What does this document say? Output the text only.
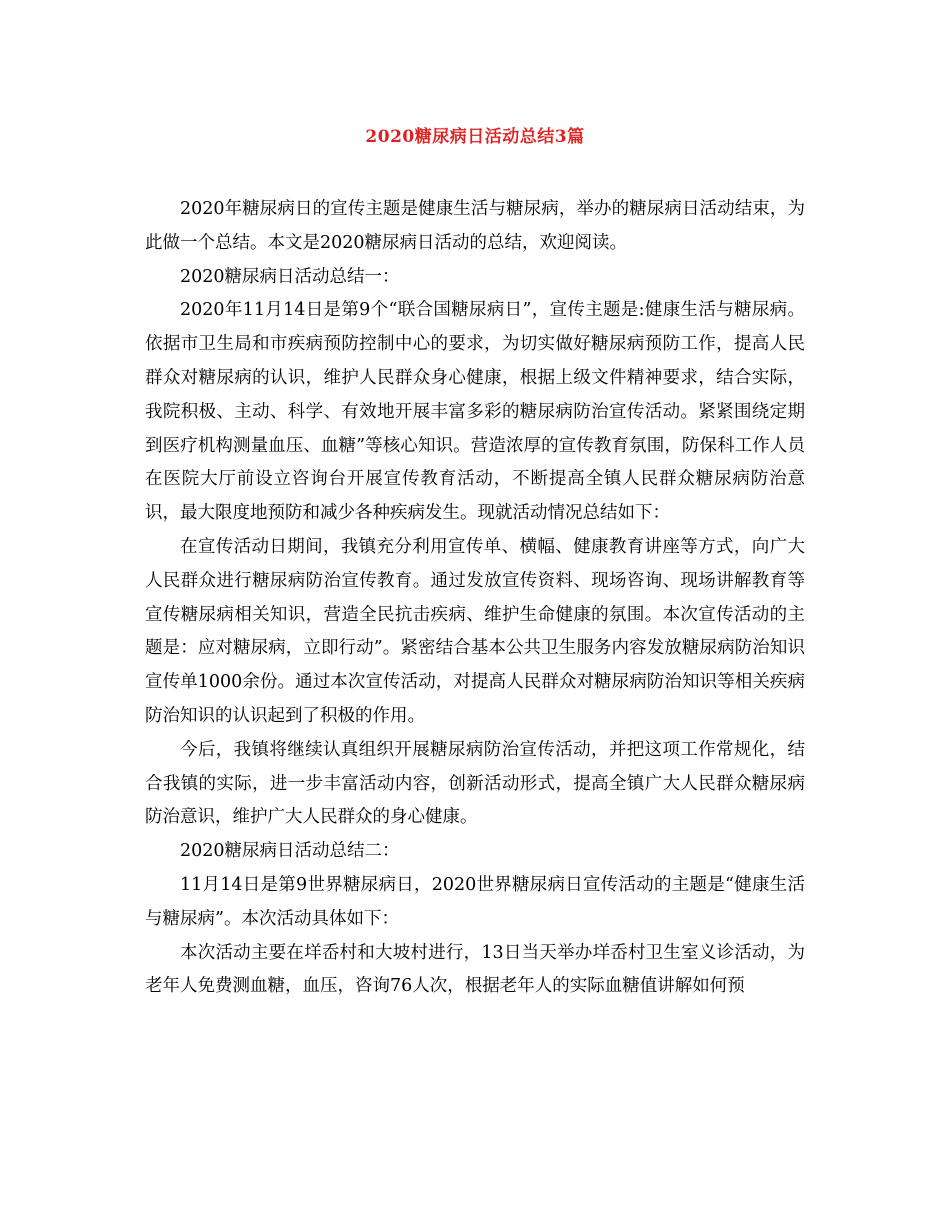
2020糖尿病日活动总结3篇

2020年糖尿病日的宣传主题是健康生活与糖尿病，举办的糖尿病日活动结束，为此做一个总结。本文是2020糖尿病日活动的总结，欢迎阅读。

2020糖尿病日活动总结一：

2020年11月14日是第9个“联合国糖尿病日”，宣传主题是:健康生活与糖尿病。依据市卫生局和市疾病预防控制中心的要求，为切实做好糖尿病预防工作，提高人民群众对糖尿病的认识，维护人民群众身心健康，根据上级文件精神要求，结合实际，我院积极、主动、科学、有效地开展丰富多彩的糖尿病防治宣传活动。紧紧围绕定期到医疗机构测量血压、血糖”等核心知识。营造浓厚的宣传教育氛围，防保科工作人员在医院大厅前设立咨询台开展宣传教育活动，不断提高全镇人民群众糖尿病防治意识，最大限度地预防和减少各种疾病发生。现就活动情况总结如下：

在宣传活动日期间，我镇充分利用宣传单、横幅、健康教育讲座等方式，向广大人民群众进行糖尿病防治宣传教育。通过发放宣传资料、现场咨询、现场讲解教育等宣传糖尿病相关知识，营造全民抗击疾病、维护生命健康的氛围。本次宣传活动的主题是：应对糖尿病，立即行动”。紧密结合基本公共卫生服务内容发放糖尿病防治知识宣传单1000余份。通过本次宣传活动，对提高人民群众对糖尿病防治知识等相关疾病防治知识的认识起到了积极的作用。

今后，我镇将继续认真组织开展糖尿病防治宣传活动，并把这项工作常规化，结合我镇的实际，进一步丰富活动内容，创新活动形式，提高全镇广大人民群众糖尿病防治意识，维护广大人民群众的身心健康。

2020糖尿病日活动总结二：

11月14日是第9世界糖尿病日，2020世界糖尿病日宣传活动的主题是“健康生活与糖尿病”。本次活动具体如下：

本次活动主要在垟岙村和大坡村进行，13日当天举办垟岙村卫生室义诊活动，为老年人免费测血糖，血压，咨询76人次，根据老年人的实际血糖值讲解如何预
